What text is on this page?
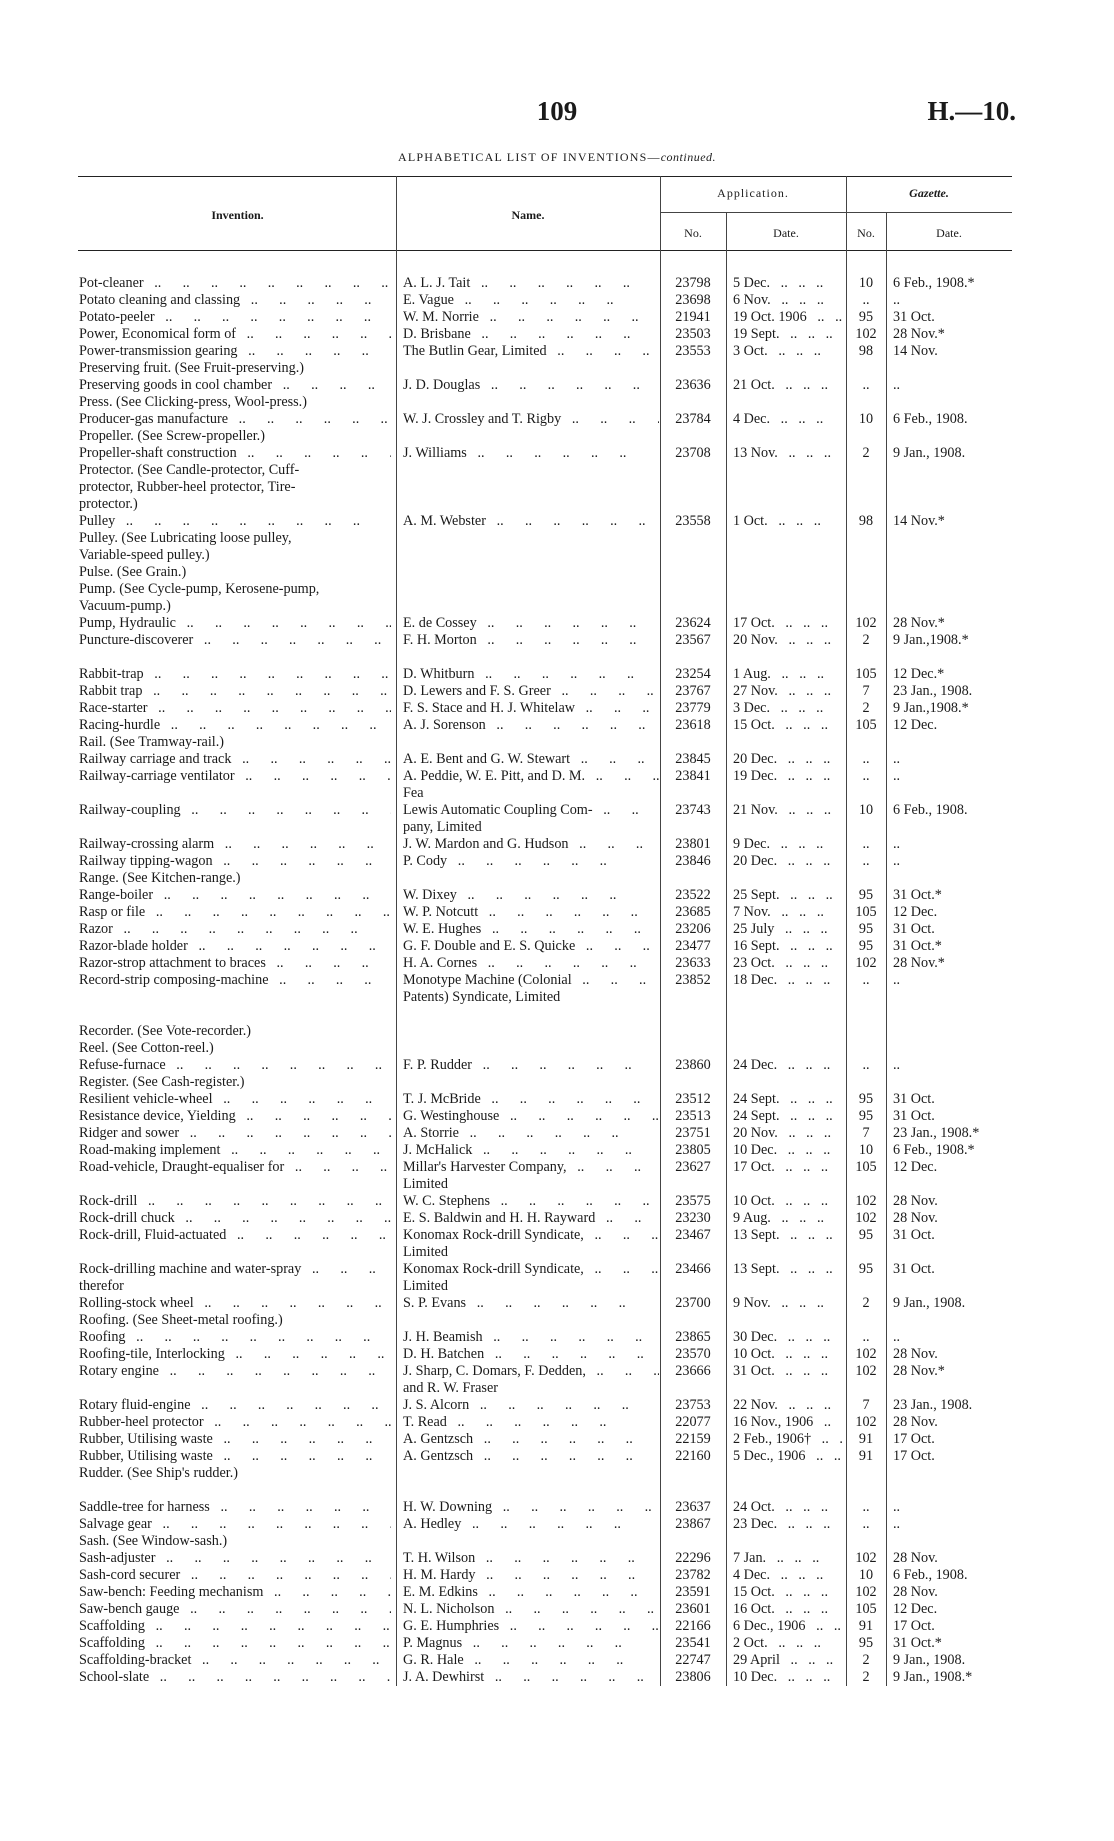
109	H.—10.
ALPHABETICAL LIST OF INVENTIONS—continued.
Invention.	Name.
Application.	Gazette.
No.	Date.	No.	Date.
Pot-cleaner ..	A. L. J. Tait ..	23798	5 Dec. ..	10	6 Feb., 1908.*
Potato cleaning and classing ..	E. Vague ..	23698	6 Nov. ..	..	..
Potato-peeler ..	W. M. Norrie ..	21941	19 Oct. 1906 ..	95	31 Oct.
Power, Economical form of ..	D. Brisbane ..	23503	19 Sept. ..	102	28 Nov.*
Power-transmission gearing ..	The Butlin Gear, Limited ..	23553	3 Oct. ..	98	14 Nov.
Preserving fruit. (See Fruit-preserving.)
Preserving goods in cool chamber ..	J. D. Douglas ..	23636	21 Oct. ..	..	..
Press. (See Clicking-press, Wool-press.)
Producer-gas manufacture ..	W. J. Crossley and T. Rigby ..	23784	4 Dec. ..	10	6 Feb., 1908.
Propeller. (See Screw-propeller.)
Propeller-shaft construction ..	J. Williams ..	23708	13 Nov. ..	2	9 Jan., 1908.
Protector. (See Candle-protector, Cuff-
protector, Rubber-heel protector, Tire-
protector.)
Pulley ..	A. M. Webster ..	23558	1 Oct. ..	98	14 Nov.*
Pulley. (See Lubricating loose pulley,
Variable-speed pulley.)
Pulse. (See Grain.)
Pump. (See Cycle-pump, Kerosene-pump,
Vacuum-pump.)
Pump, Hydraulic ..	E. de Cossey ..	23624	17 Oct. ..	102	28 Nov.*
Puncture-discoverer ..	F. H. Morton ..	23567	20 Nov. ..	2	9 Jan.,1908.*
Rabbit-trap ..	D. Whitburn ..	23254	1 Aug. ..	105	12 Dec.*
Rabbit trap ..	D. Lewers and F. S. Greer ..	23767	27 Nov. ..	7	23 Jan., 1908.
Race-starter ..	F. S. Stace and H. J. Whitelaw ..	23779	3 Dec. ..	2	9 Jan.,1908.*
Racing-hurdle ..	A. J. Sorenson ..	23618	15 Oct. ..	105	12 Dec.
Rail. (See Tramway-rail.)
Railway carriage and track ..	A. E. Bent and G. W. Stewart ..	23845	20 Dec. ..	..	..
Railway-carriage ventilator ..	A. Peddie, W. E. Pitt, and D. M. ..	23841	19 Dec. ..	..	..
Fea
Railway-coupling ..	Lewis Automatic Coupling Com- ..	23743	21 Nov. ..	10	6 Feb., 1908.
pany, Limited
Railway-crossing alarm ..	J. W. Mardon and G. Hudson ..	23801	9 Dec. ..	..	..
Railway tipping-wagon ..	P. Cody ..	23846	20 Dec. ..	..	..
Range. (See Kitchen-range.)
Range-boiler ..	W. Dixey ..	23522	25 Sept. ..	95	31 Oct.*
Rasp or file ..	W. P. Notcutt ..	23685	7 Nov. ..	105	12 Dec.
Razor ..	W. E. Hughes ..	23206	25 July ..	95	31 Oct.
Razor-blade holder ..	G. F. Double and E. S. Quicke ..	23477	16 Sept. ..	95	31 Oct.*
Razor-strop attachment to braces ..	H. A. Cornes ..	23633	23 Oct. ..	102	28 Nov.*
Record-strip composing-machine ..	Monotype Machine (Colonial ..	23852	18 Dec. ..	..	..
Patents) Syndicate, Limited
Recorder. (See Vote-recorder.)
Reel. (See Cotton-reel.)
Refuse-furnace ..	F. P. Rudder ..	23860	24 Dec. ..	..	..
Register. (See Cash-register.)
Resilient vehicle-wheel ..	T. J. McBride ..	23512	24 Sept. ..	95	31 Oct.
Resistance device, Yielding ..	G. Westinghouse ..	23513	24 Sept. ..	95	31 Oct.
Ridger and sower ..	A. Storrie ..	23751	20 Nov. ..	7	23 Jan., 1908.*
Road-making implement ..	J. McHalick ..	23805	10 Dec. ..	10	6 Feb., 1908.*
Road-vehicle, Draught-equaliser for ..	Millar's Harvester Company, ..	23627	17 Oct. ..	105	12 Dec.
Limited
Rock-drill ..	W. C. Stephens ..	23575	10 Oct. ..	102	28 Nov.
Rock-drill chuck ..	E. S. Baldwin and H. H. Rayward ..	23230	9 Aug. ..	102	28 Nov.
Rock-drill, Fluid-actuated ..	Konomax Rock-drill Syndicate, ..	23467	13 Sept. ..	95	31 Oct.
Limited
Rock-drilling machine and water-spray ..	Konomax Rock-drill Syndicate, ..	23466	13 Sept. ..	95	31 Oct.
therefor	Limited
Rolling-stock wheel ..	S. P. Evans ..	23700	9 Nov. ..	2	9 Jan., 1908.
Roofing. (See Sheet-metal roofing.)
Roofing ..	J. H. Beamish ..	23865	30 Dec. ..	..	..
Roofing-tile, Interlocking ..	D. H. Batchen ..	23570	10 Oct. ..	102	28 Nov.
Rotary engine ..	J. Sharp, C. Domars, F. Dedden, ..	23666	31 Oct. ..	102	28 Nov.*
and R. W. Fraser
Rotary fluid-engine ..	J. S. Alcorn ..	23753	22 Nov. ..	7	23 Jan., 1908.
Rubber-heel protector ..	T. Read ..	22077	16 Nov., 1906 ..	102	28 Nov.
Rubber, Utilising waste ..	A. Gentzsch ..	22159	2 Feb., 1906† ..	91	17 Oct.
Rubber, Utilising waste ..	A. Gentzsch ..	22160	5 Dec., 1906 ..	91	17 Oct.
Rudder. (See Ship's rudder.)
Saddle-tree for harness ..	H. W. Downing ..	23637	24 Oct. ..	..	..
Salvage gear ..	A. Hedley ..	23867	23 Dec. ..	..	..
Sash. (See Window-sash.)
Sash-adjuster ..	T. H. Wilson ..	22296	7 Jan. ..	102	28 Nov.
Sash-cord securer ..	H. M. Hardy ..	23782	4 Dec. ..	10	6 Feb., 1908.
Saw-bench: Feeding mechanism ..	E. M. Edkins ..	23591	15 Oct. ..	102	28 Nov.
Saw-bench gauge ..	N. L. Nicholson ..	23601	16 Oct. ..	105	12 Dec.
Scaffolding ..	G. E. Humphries ..	22166	6 Dec., 1906 ..	91	17 Oct.
Scaffolding ..	P. Magnus ..	23541	2 Oct. ..	95	31 Oct.*
Scaffolding-bracket ..	G. R. Hale ..	22747	29 April ..	2	9 Jan., 1908.
School-slate ..	J. A. Dewhirst ..	23806	10 Dec. ..	2	9 Jan., 1908.*
